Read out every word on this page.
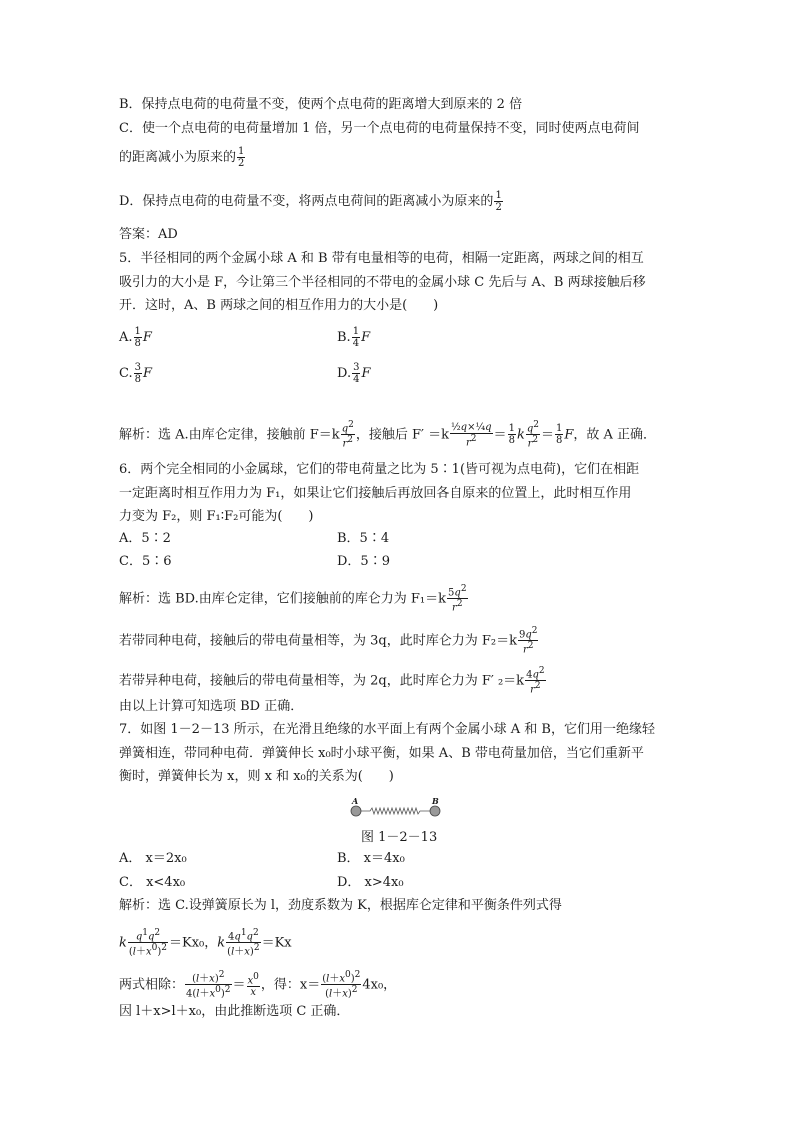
B．保持点电荷的电荷量不变，使两个点电荷的距离增大到原来的 2 倍
C．使一个点电荷的电荷量增加 1 倍，另一个点电荷的电荷量保持不变，同时使两点电荷间
的距离减小为原来的 $\frac{1}{2}$
D．保持点电荷的电荷量不变，将两点电荷间的距离减小为原来的 $\frac{1}{2}$
答案：AD
5．半径相同的两个金属小球 A 和 B 带有电量相等的电荷，相隔一定距离，两球之间的相互
吸引力的大小是 F，今让第三个半径相同的不带电的金属小球 C 先后与 A、B 两球接触后移
开．这时，A、B 两球之间的相互作用力的大小是(　　)
A. $\frac{1}{8}$ F	B. $\frac{1}{4}$ F
C. $\frac{3}{8}$ F	D. $\frac{3}{4}$ F
解析：选 A.由库仑定律，接触前 $F=k \frac{q^2}{r^2}$ ，接触后 $F' =k \frac{\text{½q×¼q}}{r^2} = \frac{1}{8}$ k $\frac{q^2}{r^2} = \frac{1}{8}$ F，故 A 正确．
6．两个完全相同的小金属球，它们的带电荷量之比为 5∶1(皆可视为点电荷)，它们在相距
一定距离时相互作用力为 F₁，如果让它们接触后再放回各自原来的位置上，此时相互作用
力变为 F₂，则 F₁∶F₂可能为(　　)
A．5∶2	B．5∶4
C．5∶6	D．5∶9
解析：选 BD.由库仑定律，它们接触前的库仑力为 $F_1=k \frac{5q^2}{r^2}$
若带同种电荷，接触后的带电荷量相等，为 3q，此时库仑力为 $F_2=k \frac{9q^2}{r^2}$
若带异种电荷，接触后的带电荷量相等，为 2q，此时库仑力为 F′ $_2=k \frac{4q^2}{r^2}$
由以上计算可知选项 BD 正确．
7．如图 1－2－13 所示，在光滑且绝缘的水平面上有两个金属小球 A 和 B，它们用一绝缘轻
弹簧相连，带同种电荷．弹簧伸长 x₀时小球平衡，如果 A、B 带电荷量加倍，当它们重新平
衡时，弹簧伸长为 x，则 x 和 x₀的关系为(　　)
A	B
图 1－2－13
A． x＝2x₀	B． x＝4x₀
C． x<4x₀	D． x>4x₀
解析：选 C.设弹簧原长为 l，劲度系数为 K，根据库仑定律和平衡条件列式得
k $\frac{q^1q^2}{(l+x^0)^2} =Kx_0$，k $\frac{4q^1q^2}{(l+x)^2} =Kx$
两式相除： $\frac{(l+x)^2}{4(l+x^0)^2} = \frac{x^0}{x}$ ，得：$x= \frac{(l+x^0)^2}{(l+x)^2} 4x_0$，
因 l＋x>l＋x₀，由此推断选项 C 正确．
